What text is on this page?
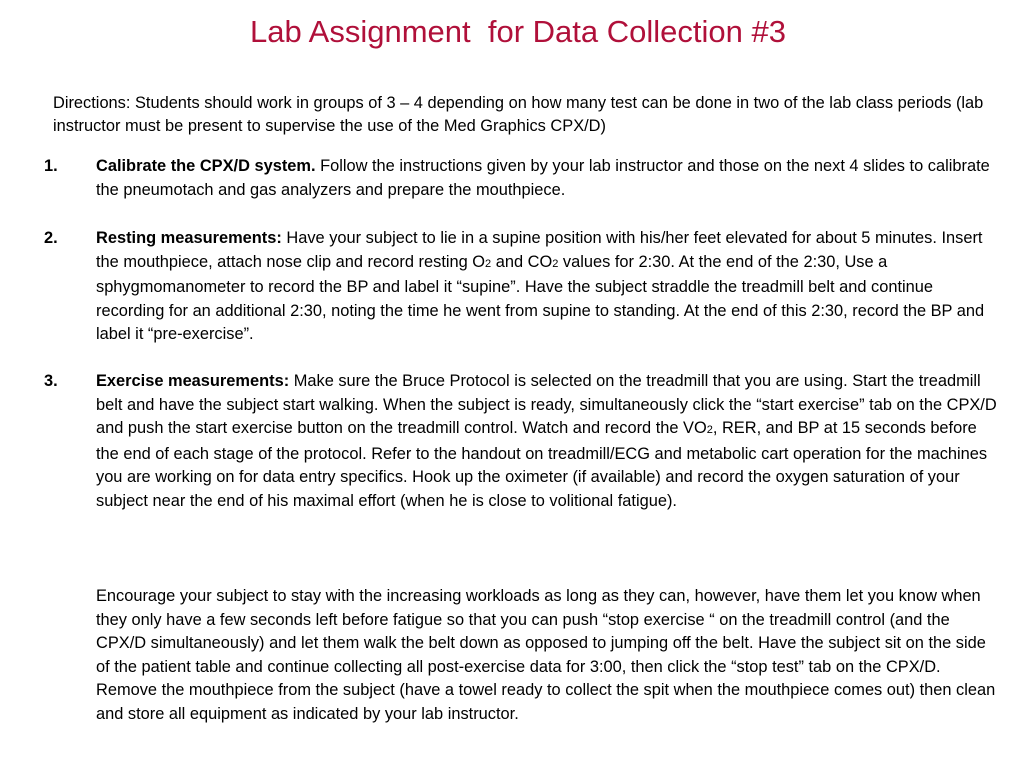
Lab Assignment  for Data Collection #3
Directions: Students should work in groups of 3 – 4 depending on how many test can be done in two of the lab class periods (lab instructor must be present to supervise the use of the Med Graphics CPX/D)
1. Calibrate the CPX/D system. Follow the instructions given by your lab instructor and those on the next 4 slides to calibrate the pneumotach and gas analyzers and prepare the mouthpiece.
2. Resting measurements: Have your subject to lie in a supine position with his/her feet elevated for about 5 minutes. Insert the mouthpiece, attach nose clip and record resting O2 and CO2 values for 2:30. At the end of the 2:30, Use a sphygmomanometer to record the BP and label it “supine”. Have the subject straddle the treadmill belt and continue recording for an additional 2:30, noting the time he went from supine to standing. At the end of this 2:30, record the BP and label it “pre-exercise”.
3. Exercise measurements: Make sure the Bruce Protocol is selected on the treadmill that you are using. Start the treadmill belt and have the subject start walking. When the subject is ready, simultaneously click the “start exercise” tab on the CPX/D and push the start exercise button on the treadmill control. Watch and record the VO2, RER, and BP at 15 seconds before the end of each stage of the protocol. Refer to the handout on treadmill/ECG and metabolic cart operation for the machines you are working on for data entry specifics. Hook up the oximeter (if available) and record the oxygen saturation of your subject near the end of his maximal effort (when he is close to volitional fatigue).
Encourage your subject to stay with the increasing workloads as long as they can, however, have them let you know when they only have a few seconds left before fatigue so that you can push “stop exercise “ on the treadmill control (and the CPX/D simultaneously) and let them walk the belt down as opposed to jumping off the belt. Have the subject sit on the side of the patient table and continue collecting all post-exercise data for 3:00, then click the “stop test” tab on the CPX/D. Remove the mouthpiece from the subject (have a towel ready to collect the spit when the mouthpiece comes out) then clean and store all equipment as indicated by your lab instructor.
